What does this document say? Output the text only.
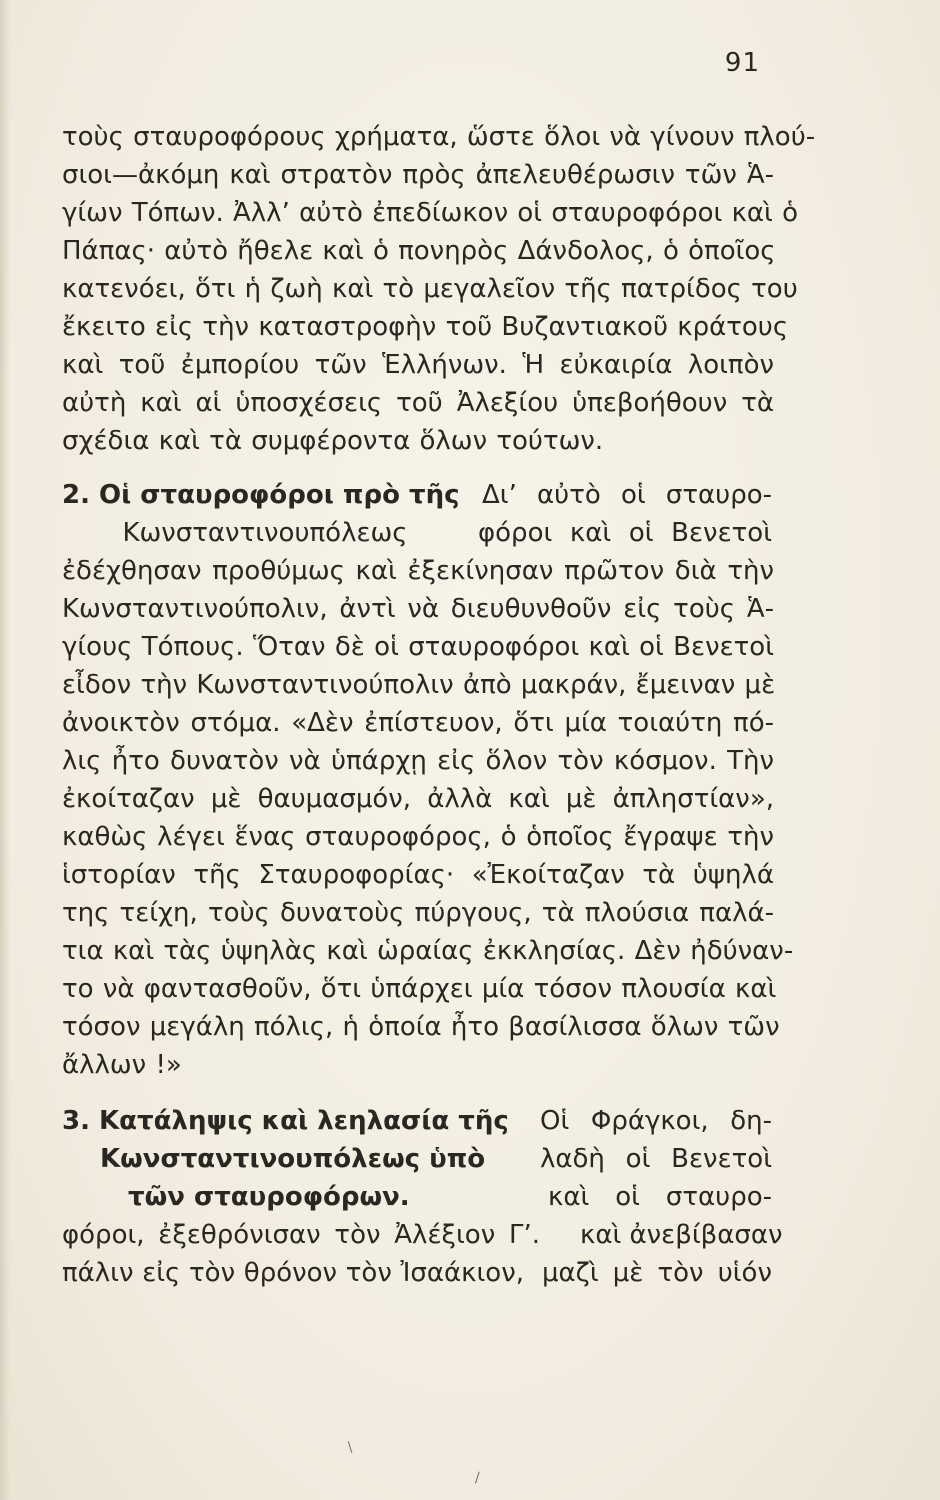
91
τοὺς σταυροφόρους χρήματα, ὥστε ὅλοι νὰ γίνουν πλού-
σιοι—ἀκόμη καὶ στρατὸν πρὸς ἀπελευθέρωσιν τῶν Ἁ-
γίων Τόπων. Ἀλλ’ αὐτὸ ἐπεδίωκον οἱ σταυροφόροι καὶ ὁ
Πάπας· αὐτὸ ἤθελε καὶ ὁ πονηρὸς Δάνδολος, ὁ ὁποῖος
κατενόει, ὅτι ἡ ζωὴ καὶ τὸ μεγαλεῖον τῆς πατρίδος του
ἔκειτο εἰς τὴν καταστροφὴν τοῦ Βυζαντιακοῦ κράτους
καὶ τοῦ ἐμπορίου τῶν Ἑλλήνων. Ἡ εὐκαιρία λοιπὸν
αὐτὴ καὶ αἱ ὑποσχέσεις τοῦ Ἀλεξίου ὑπεβοήθουν τὰ
σχέδια καὶ τὰ συμφέροντα ὅλων τούτων.
2. Οἱ σταυροφόροι πρὸ τῆς Δι’ αὐτὸ οἱ σταυρο-
Κωνσταντινουπόλεως	φόροι καὶ οἱ Βενετοὶ
ἐδέχθησαν προθύμως καὶ ἐξεκίνησαν πρῶτον διὰ τὴν
Κωνσταντινούπολιν, ἀντὶ νὰ διευθυνθοῦν εἰς τοὺς Ἁ-
γίους Τόπους. Ὅταν δὲ οἱ σταυροφόροι καὶ οἱ Βενετοὶ
εἶδον τὴν Κωνσταντινούπολιν ἀπὸ μακράν, ἔμειναν μὲ
ἀνοικτὸν στόμα. «Δὲν ἐπίστευον, ὅτι μία τοιαύτη πό-
λις ἦτο δυνατὸν νὰ ὑπάρχῃ εἰς ὅλον τὸν κόσμον. Τὴν
ἐκοίταζαν μὲ θαυμασμόν, ἀλλὰ καὶ μὲ ἀπληστίαν»,
καθὼς λέγει ἕνας σταυροφόρος, ὁ ὁποῖος ἔγραψε τὴν
ἱστορίαν τῆς Σταυροφορίας· «Ἐκοίταζαν τὰ ὑψηλά
της τείχη, τοὺς δυνατοὺς πύργους, τὰ πλούσια παλά-
τια καὶ τὰς ὑψηλὰς καὶ ὡραίας ἐκκλησίας. Δὲν ἠδύναν-
το νὰ φαντασθοῦν, ὅτι ὑπάρχει μία τόσον πλουσία καὶ
τόσον μεγάλη πόλις, ἡ ὁποία ἦτο βασίλισσα ὅλων τῶν
ἄλλων !»
3. Κατάληψις καὶ λεηλασία τῆς Οἱ Φράγκοι, δη-
Κωνσταντινουπόλεως ὑπὸ λαδὴ οἱ Βενετοὶ
τῶν σταυροφόρων.	καὶ οἱ σταυρο-
φόροι, ἐξεθρόνισαν τὸν Ἀλέξιον Γ’. καὶ ἀνεβίβασαν
πάλιν εἰς τὸν θρόνον τὸν Ἰσαάκιον, μαζὶ μὲ τὸν υἱόν
∖
∕
